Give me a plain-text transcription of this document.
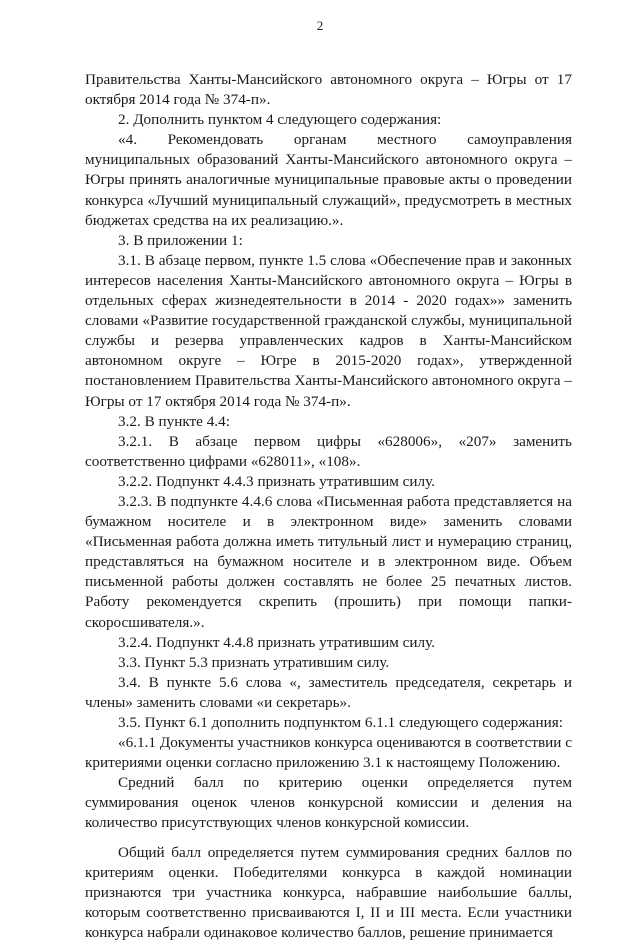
2

Правительства Ханты-Мансийского автономного округа – Югры от 17 октября 2014 года № 374-п».

2. Дополнить пунктом 4 следующего содержания:

«4. Рекомендовать органам местного самоуправления муниципальных образований Ханты-Мансийского автономного округа – Югры принять аналогичные муниципальные правовые акты о проведении конкурса «Лучший муниципальный служащий», предусмотреть в местных бюджетах средства на их реализацию.».

3. В приложении 1:

3.1. В абзаце первом, пункте 1.5 слова «Обеспечение прав и законных интересов населения Ханты-Мансийского автономного округа – Югры в отдельных сферах жизнедеятельности в 2014 - 2020 годах»» заменить словами «Развитие государственной гражданской службы, муниципальной службы и резерва управленческих кадров в Ханты-Мансийском автономном округе – Югре в 2015-2020 годах», утвержденной постановлением Правительства Ханты-Мансийского автономного округа – Югры от 17 октября 2014 года № 374-п».

3.2. В пункте 4.4:

3.2.1. В абзаце первом цифры «628006», «207» заменить соответственно цифрами «628011», «108».

3.2.2. Подпункт 4.4.3 признать утратившим силу.

3.2.3. В подпункте 4.4.6 слова «Письменная работа представляется на бумажном носителе и в электронном виде» заменить словами «Письменная работа должна иметь титульный лист и нумерацию страниц, представляться на бумажном носителе и в электронном виде. Объем письменной работы должен составлять не более 25 печатных листов. Работу рекомендуется скрепить (прошить) при помощи папки-скоросшивателя.».

3.2.4. Подпункт 4.4.8 признать утратившим силу.

3.3. Пункт 5.3 признать утратившим силу.

3.4. В пункте 5.6 слова «, заместитель председателя, секретарь и члены» заменить словами «и секретарь».

3.5. Пункт 6.1 дополнить подпунктом 6.1.1 следующего содержания:

«6.1.1 Документы участников конкурса оцениваются в соответствии с критериями оценки согласно приложению 3.1 к настоящему Положению.

Средний балл по критерию оценки определяется путем суммирования оценок членов конкурсной комиссии и деления на количество присутствующих членов конкурсной комиссии.

Общий балл определяется путем суммирования средних баллов по критериям оценки. Победителями конкурса в каждой номинации признаются три участника конкурса, набравшие наибольшие баллы, которым соответственно присваиваются I, II и III места. Если участники конкурса набрали одинаковое количество баллов, решение принимается
